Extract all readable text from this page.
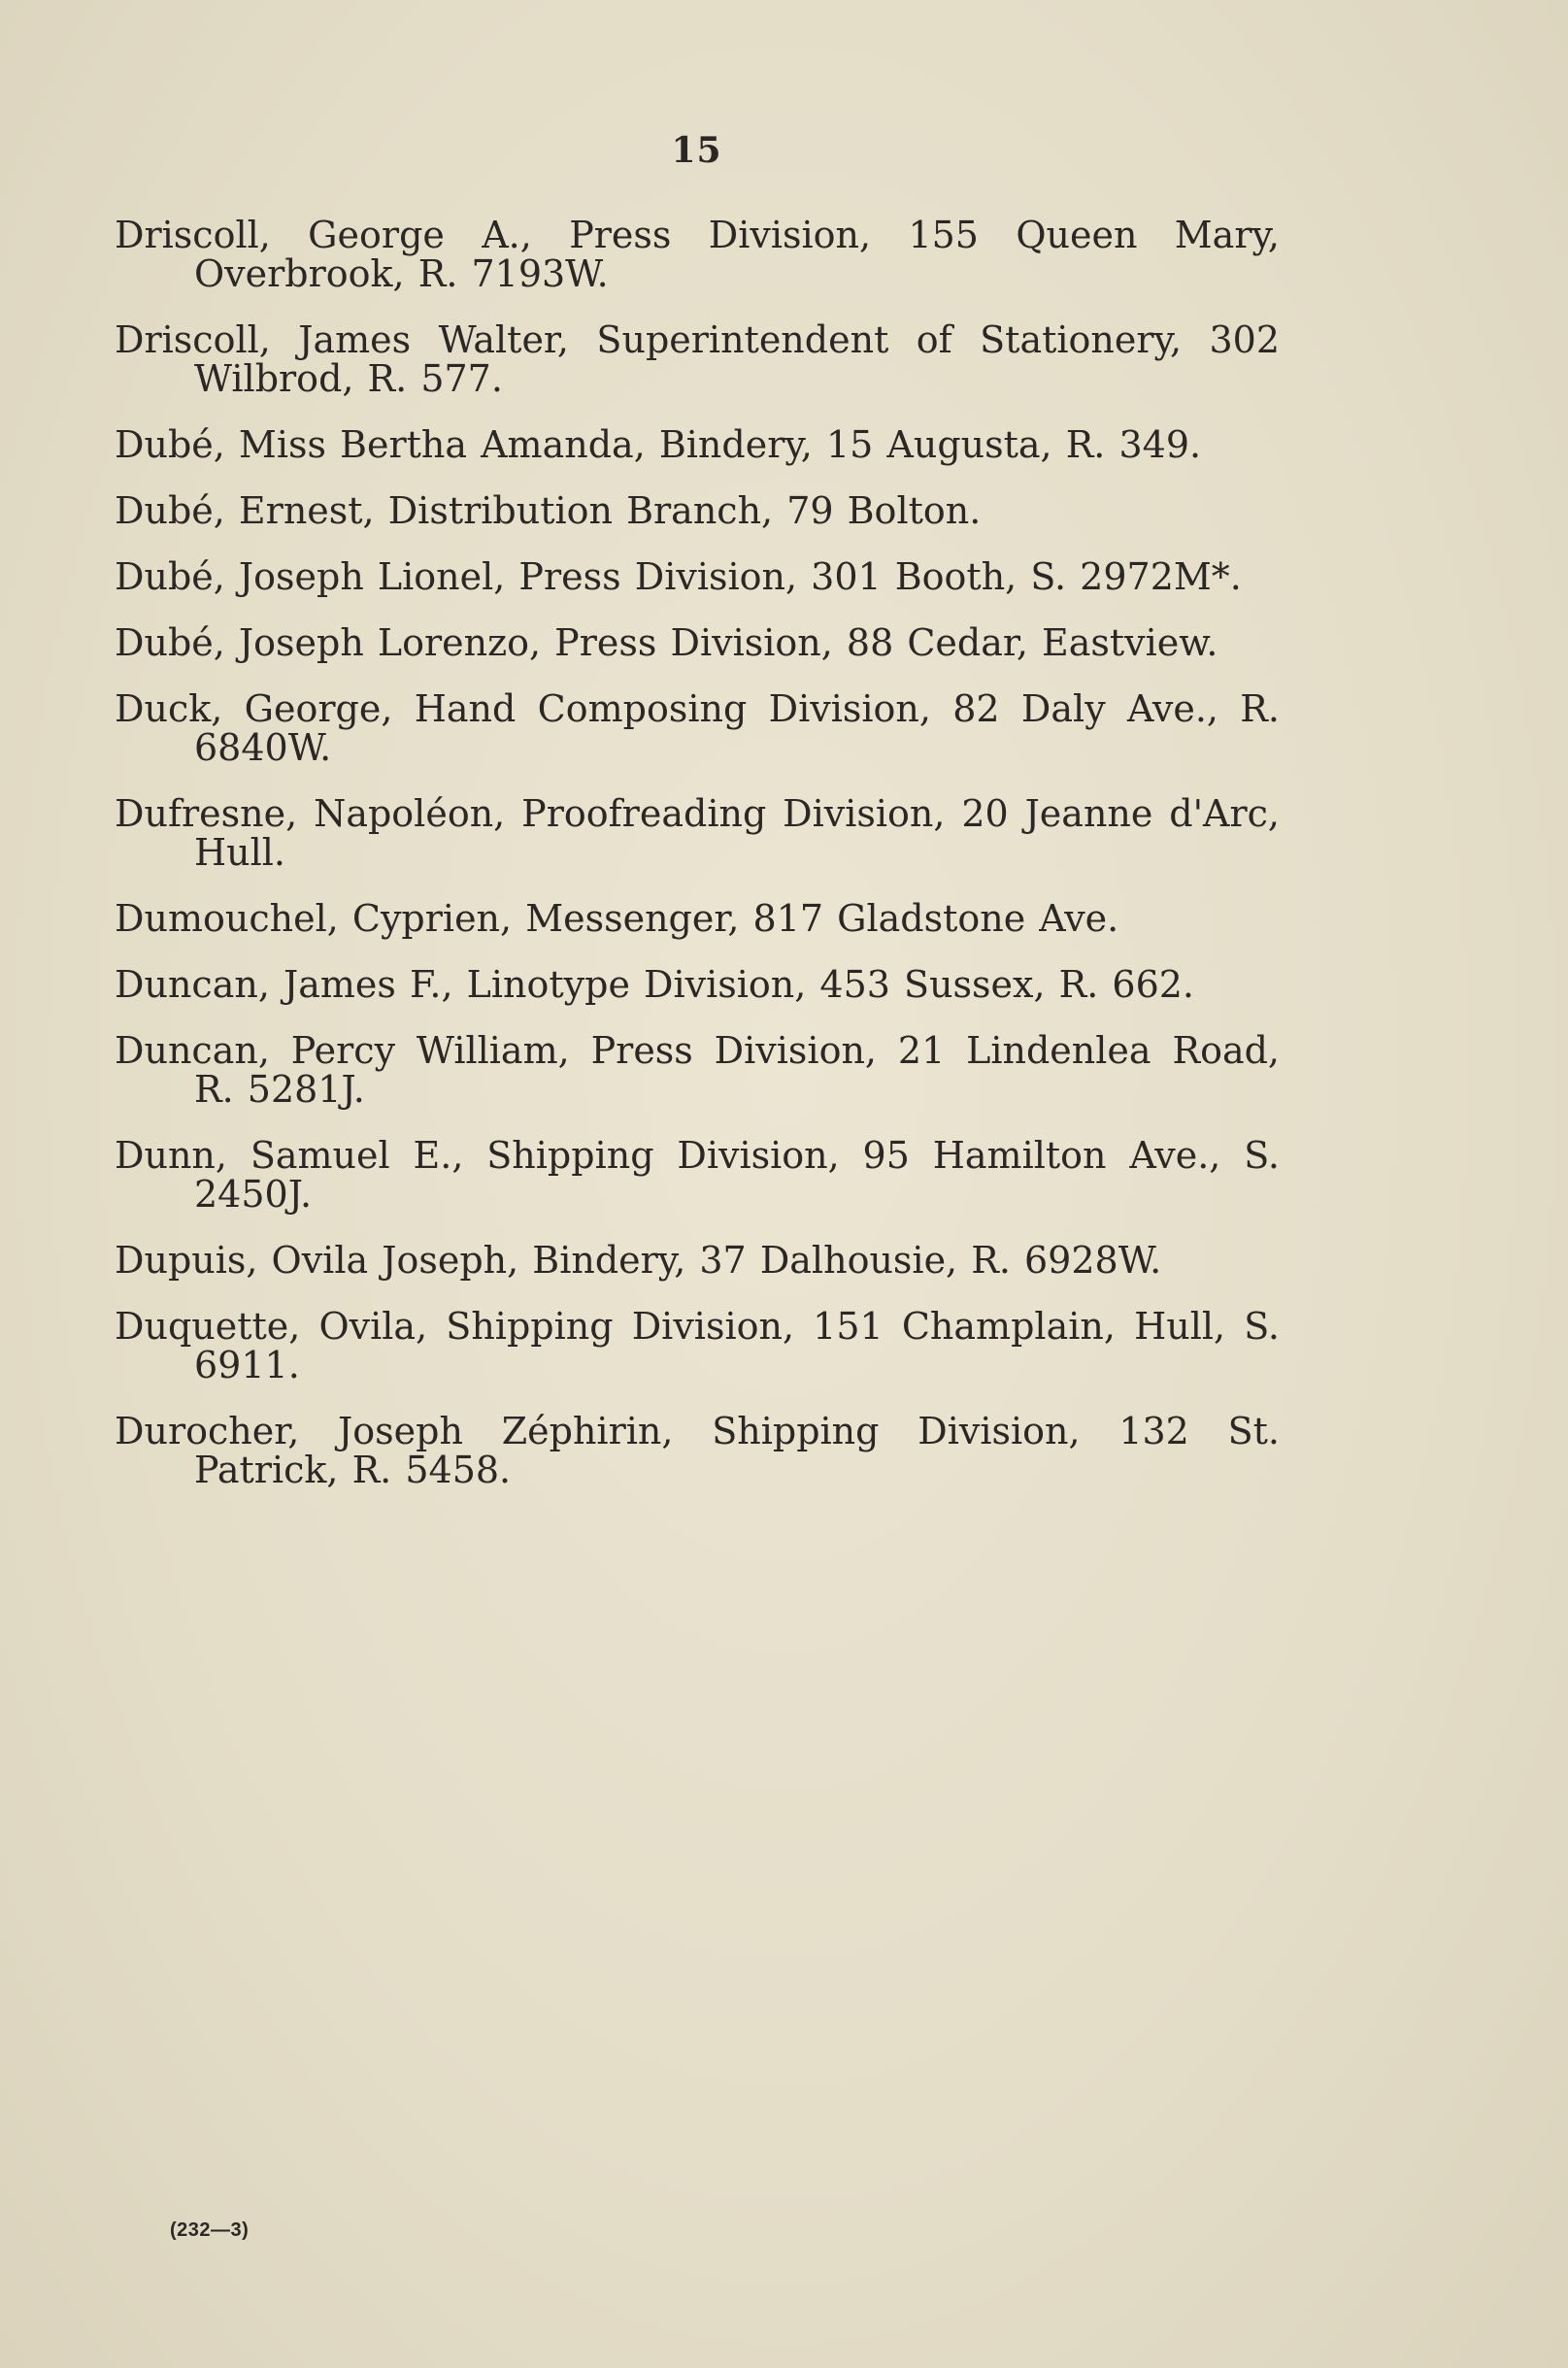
15

Driscoll, George A., Press Division, 155 Queen Mary, Overbrook, R. 7193W.

Driscoll, James Walter, Superintendent of Stationery, 302 Wilbrod, R. 577.

Dubé, Miss Bertha Amanda, Bindery, 15 Augusta, R. 349.

Dubé, Ernest, Distribution Branch, 79 Bolton.

Dubé, Joseph Lionel, Press Division, 301 Booth, S. 2972M*.

Dubé, Joseph Lorenzo, Press Division, 88 Cedar, Eastview.

Duck, George, Hand Composing Division, 82 Daly Ave., R. 6840W.

Dufresne, Napoléon, Proofreading Division, 20 Jeanne d'Arc, Hull.

Dumouchel, Cyprien, Messenger, 817 Gladstone Ave.

Duncan, James F., Linotype Division, 453 Sussex, R. 662.

Duncan, Percy William, Press Division, 21 Lindenlea Road, R. 5281J.

Dunn, Samuel E., Shipping Division, 95 Hamilton Ave., S. 2450J.

Dupuis, Ovila Joseph, Bindery, 37 Dalhousie, R. 6928W.

Duquette, Ovila, Shipping Division, 151 Champlain, Hull, S. 6911.

Durocher, Joseph Zéphirin, Shipping Division, 132 St. Patrick, R. 5458.

(232—3)
